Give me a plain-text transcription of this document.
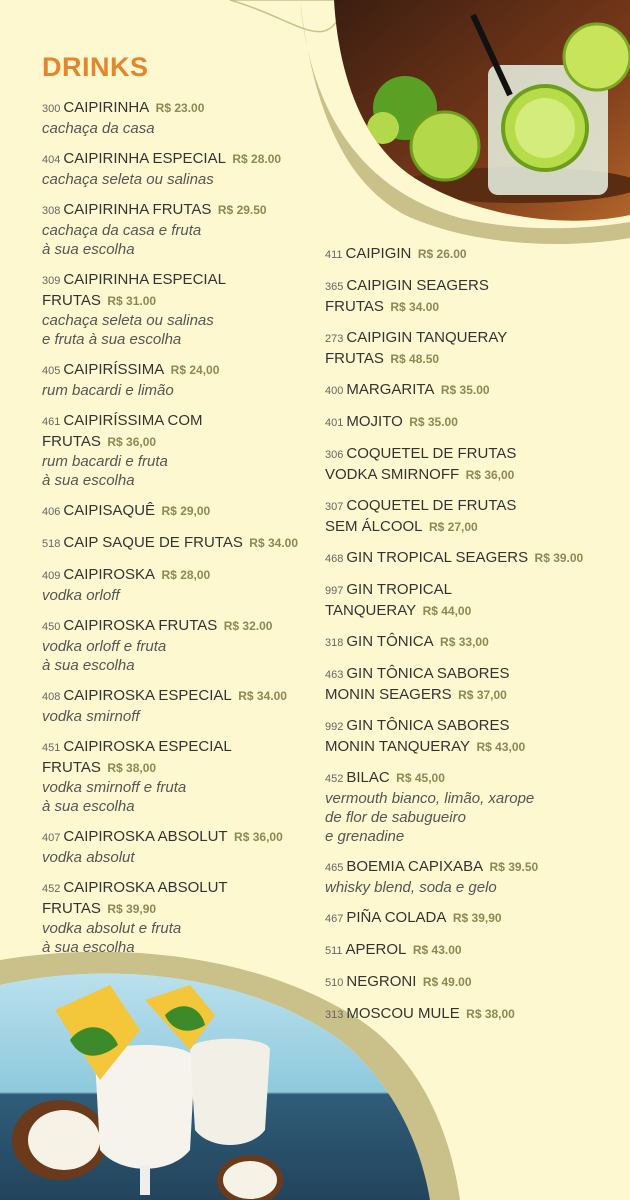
DRINKS
300 CAIPIRINHA R$ 23.00
cachaça da casa
404 CAIPIRINHA ESPECIAL R$ 28.00
cachaça seleta ou salinas
308 CAIPIRINHA FRUTAS R$ 29.50
cachaça da casa e fruta
à sua escolha
309 CAIPIRINHA ESPECIAL
FRUTAS R$ 31.00
cachaça seleta ou salinas
e fruta à sua escolha
405 CAIPIRÍSSIMA R$ 24,00
rum bacardi e limão
461 CAIPIRÍSSIMA COM
FRUTAS R$ 36,00
rum bacardi e fruta
à sua escolha
406 CAIPISAQUÊ R$ 29,00
518 CAIP SAQUE DE FRUTAS R$ 34.00
409 CAIPIROSKA R$ 28,00
vodka orloff
450 CAIPIROSKA FRUTAS R$ 32.00
vodka orloff e fruta
à sua escolha
408 CAIPIROSKA ESPECIAL R$ 34.00
vodka smirnoff
451 CAIPIROSKA ESPECIAL
FRUTAS R$ 38,00
vodka smirnoff e fruta
à sua escolha
407 CAIPIROSKA ABSOLUT R$ 36,00
vodka absolut
452 CAIPIROSKA ABSOLUT
FRUTAS R$ 39,90
vodka absolut e fruta
à sua escolha
411 CAIPIGIN R$ 26.00
365 CAIPIGIN SEAGERS
FRUTAS R$ 34.00
273 CAIPIGIN TANQUERAY
FRUTAS R$ 48.50
400 MARGARITA R$ 35.00
401 MOJITO R$ 35.00
306 COQUETEL DE FRUTAS
VODKA SMIRNOFF R$ 36,00
307 COQUETEL DE FRUTAS
SEM ÁLCOOL R$ 27,00
468 GIN TROPICAL SEAGERS R$ 39.00
997 GIN TROPICAL
TANQUERAY R$ 44,00
318 GIN TÔNICA R$ 33,00
463 GIN TÔNICA SABORES
MONIN SEAGERS R$ 37,00
992 GIN TÔNICA SABORES
MONIN TANQUERAY R$ 43,00
452 BILAC R$ 45,00
vermouth bianco, limão, xarope
de flor de sabugueiro
e grenadine
465 BOEMIA CAPIXABA R$ 39.50
whisky blend, soda e gelo
467 PIÑA COLADA R$ 39,90
511 APEROL R$ 43.00
510 NEGRONI R$ 49.00
313 MOSCOU MULE R$ 38,00
